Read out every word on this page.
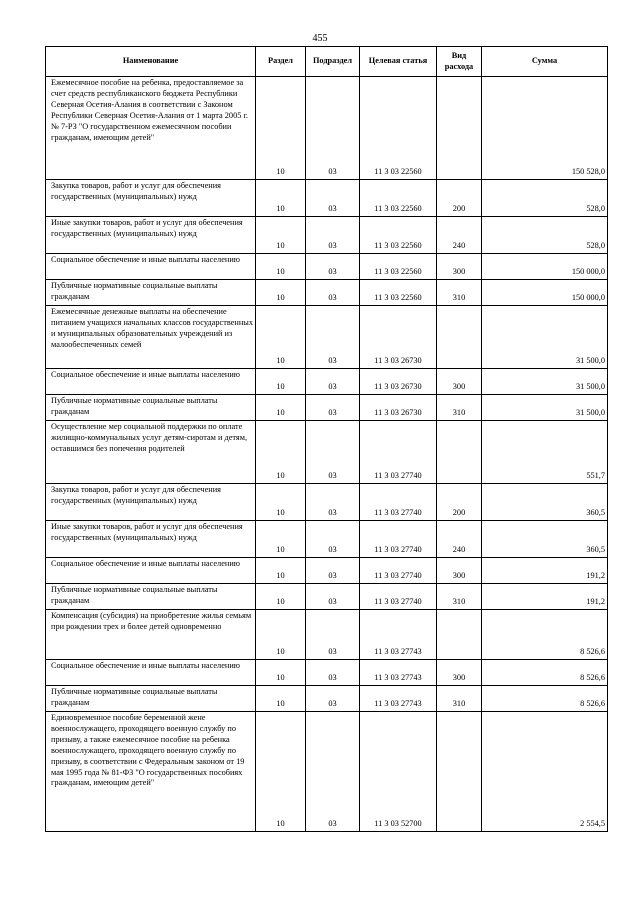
455
Наименование	Раздел	Подраздел	Целевая статья	Вид расхода	Сумма
Ежемесячное пособие на ребенка, предоставляемое за счет средств республиканского бюджета Республики Северная Осетия-Алания в соответствии с Законом Республики Северная Осетия-Алания от 1 марта 2005 г. № 7-РЗ "О государственном ежемесячном пособии гражданам, имеющим детей"	10	03	11 3 03 22560		150 528,0
Закупка товаров, работ и услуг для обеспечения государственных (муниципальных) нужд	10	03	11 3 03 22560	200	528,0
Иные закупки товаров, работ и услуг для обеспечения государственных (муниципальных) нужд	10	03	11 3 03 22560	240	528,0
Социальное обеспечение и иные выплаты населению	10	03	11 3 03 22560	300	150 000,0
Публичные нормативные социальные выплаты гражданам	10	03	11 3 03 22560	310	150 000,0
Ежемесячные денежные выплаты на обеспечение питанием учащихся начальных классов государственных и муниципальных образовательных учреждений из малообеспеченных семей	10	03	11 3 03 26730		31 500,0
Социальное обеспечение и иные выплаты населению	10	03	11 3 03 26730	300	31 500,0
Публичные нормативные социальные выплаты гражданам	10	03	11 3 03 26730	310	31 500,0
Осуществление мер социальной поддержки по оплате жилищно-коммунальных услуг детям-сиротам и детям, оставшимся без попечения родителей	10	03	11 3 03 27740		551,7
Закупка товаров, работ и услуг для обеспечения государственных (муниципальных) нужд	10	03	11 3 03 27740	200	360,5
Иные закупки товаров, работ и услуг для обеспечения государственных (муниципальных) нужд	10	03	11 3 03 27740	240	360,5
Социальное обеспечение и иные выплаты населению	10	03	11 3 03 27740	300	191,2
Публичные нормативные социальные выплаты гражданам	10	03	11 3 03 27740	310	191,2
Компенсация (субсидия) на приобретение жилья семьям при рождении трех и более детей одновременно	10	03	11 3 03 27743		8 526,6
Социальное обеспечение и иные выплаты населению	10	03	11 3 03 27743	300	8 526,6
Публичные нормативные социальные выплаты гражданам	10	03	11 3 03 27743	310	8 526,6
Единовременное пособие беременной жене военнослужащего, проходящего военную службу по призыву, а также ежемесячное пособие на ребенка военнослужащего, проходящего военную службу по призыву, в соответствии с Федеральным законом от 19 мая 1995 года № 81-ФЗ "О государственных пособиях гражданам, имеющим детей"	10	03	11 3 03 52700		2 554,5
